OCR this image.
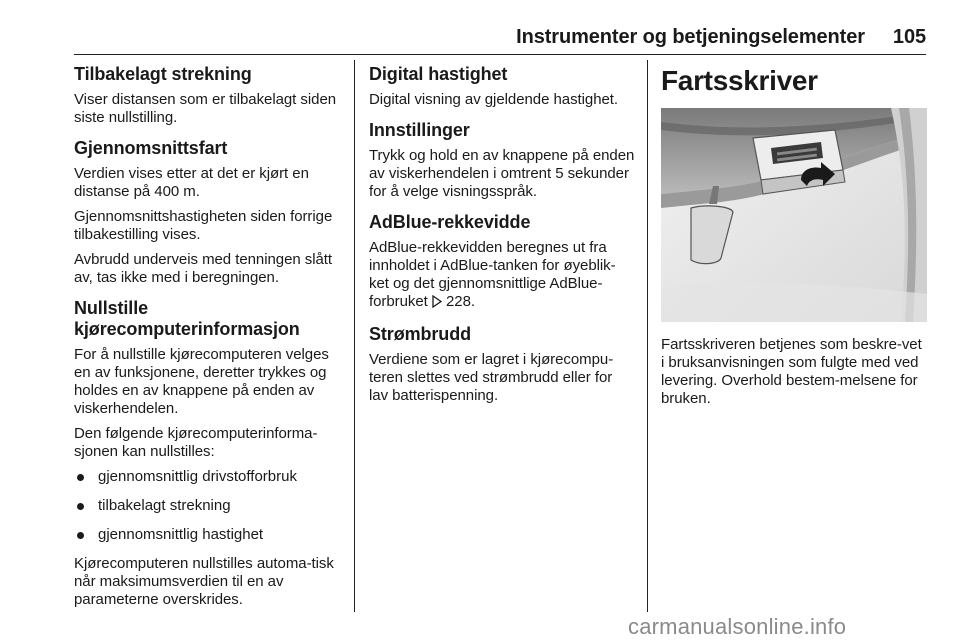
Instrumenter og betjeningselementer 105
Tilbakelagt strekning

Viser distansen som er tilbakelagt siden siste nullstilling.

Gjennomsnittsfart

Verdien vises etter at det er kjørt en distanse på 400 m.

Gjennomsnittshastigheten siden forrige tilbakestilling vises.

Avbrudd underveis med tenningen slått av, tas ikke med i beregningen.

Nullstille kjørecomputerinformasjon

For å nullstille kjørecomputeren velges en av funksjonene, deretter trykkes og holdes en av knappene på enden av viskerhendelen.

Den følgende kjørecomputerinforma-sjonen kan nullstilles:

gjennomsnittlig drivstofforbruk
tilbakelagt strekning
gjennomsnittlig hastighet

Kjørecomputeren nullstilles automa-tisk når maksimumsverdien til en av parameterne overskrides.

Digital hastighet

Digital visning av gjeldende hastighet.

Innstillinger

Trykk og hold en av knappene på enden av viskerhendelen i omtrent 5 sekunder for å velge visningsspråk.

AdBlue-rekkevidde

AdBlue-rekkevidden beregnes ut fra innholdet i AdBlue-tanken for øyeblik-ket og det gjennomsnittlige AdBlue-forbruket 228.

Strømbrudd

Verdiene som er lagret i kjørecompu-teren slettes ved strømbrudd eller for lav batterispenning.

Fartsskriver

Fartsskriveren betjenes som beskre-vet i bruksanvisningen som fulgte med ved levering. Overhold bestem-melsene for bruken.

carmanualsonline.info
